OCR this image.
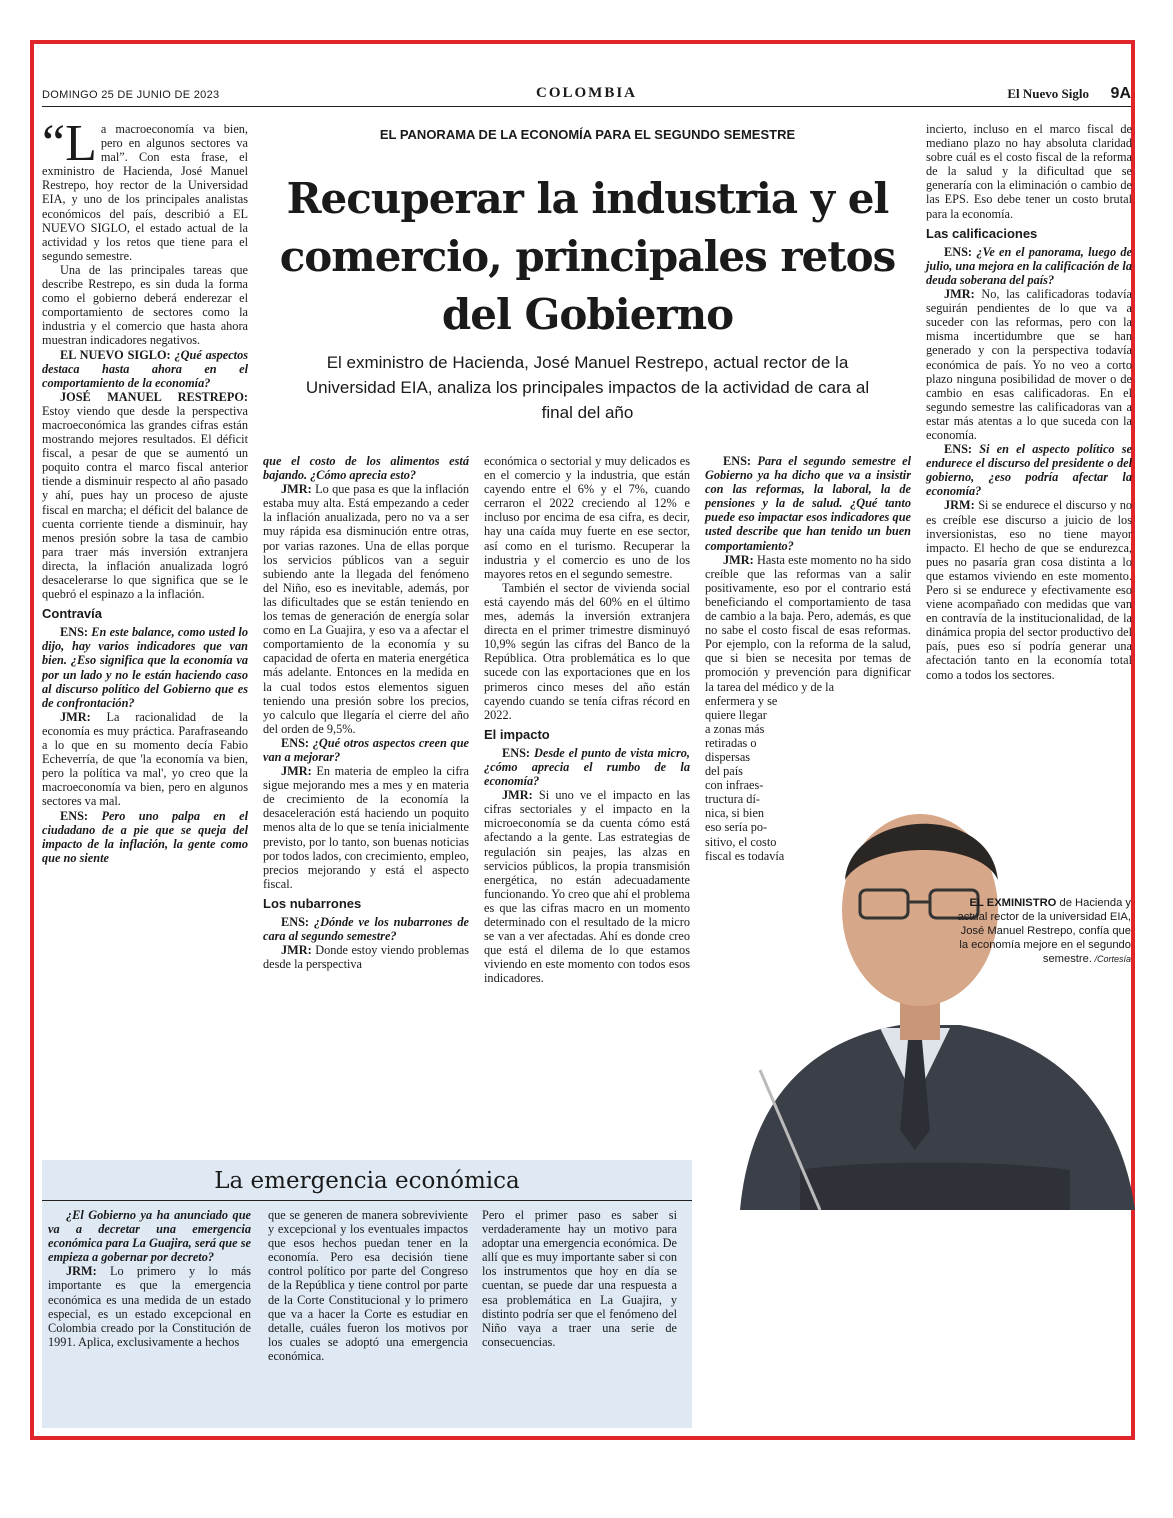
DOMINGO 25 DE JUNIO DE 2023	COLOMBIA	El Nuevo Siglo 9A
EL PANORAMA DE LA ECONOMÍA PARA EL SEGUNDO SEMESTRE
Recuperar la industria y el comercio, principales retos del Gobierno
El exministro de Hacienda, José Manuel Restrepo, actual rector de la Universidad EIA, analiza los principales impactos de la actividad de cara al final del año

“L a macroeconomía va bien, pero en algunos sectores va mal”. Con esta frase, el exministro de Hacienda, José Manuel Restrepo, hoy rector de la Universidad EIA, y uno de los principales analistas económicos del país, describió a EL NUEVO SIGLO, el estado actual de la actividad y los retos que tiene para el segundo semestre.

Una de las principales tareas que describe Restrepo, es sin duda la forma como el gobierno deberá enderezar el comportamiento de sectores como la industria y el comercio que hasta ahora muestran indicadores negativos.

EL NUEVO SIGLO: ¿Qué aspectos destaca hasta ahora en el comportamiento de la economía?

JOSÉ MANUEL RESTREPO: Estoy viendo que desde la perspectiva macroeconómica las grandes cifras están mostrando mejores resultados. El déficit fiscal, a pesar de que se aumentó un poquito contra el marco fiscal anterior tiende a disminuir respecto al año pasado y ahí, pues hay un proceso de ajuste fiscal en marcha; el déficit del balance de cuenta corriente tiende a disminuir, hay menos presión sobre la tasa de cambio para traer más inversión extranjera directa, la inflación anualizada logró desacelerarse lo que significa que se le quebró el espinazo a la inflación.

Contravía

ENS: En este balance, como usted lo dijo, hay varios indicadores que van bien. ¿Eso significa que la economía va por un lado y no le están haciendo caso al discurso político del Gobierno que es de confrontación?

JMR: La racionalidad de la economía es muy práctica. Parafraseando a lo que en su momento decía Fabio Echeverría, de que 'la economía va bien, pero la política va mal', yo creo que la macroeconomía va bien, pero en algunos sectores va mal.

ENS: Pero uno palpa en el ciudadano de a pie que se queja del impacto de la inflación, la gente como que no siente

que el costo de los alimentos está bajando. ¿Cómo aprecia esto?

JMR: Lo que pasa es que la inflación estaba muy alta. Está empezando a ceder la inflación anualizada, pero no va a ser muy rápida esa disminución entre otras, por varias razones. Una de ellas porque los servicios públicos van a seguir subiendo ante la llegada del fenómeno del Niño, eso es inevitable, además, por las dificultades que se están teniendo en los temas de generación de energía solar como en La Guajira, y eso va a afectar el comportamiento de la economía y su capacidad de oferta en materia energética más adelante. Entonces en la medida en la cual todos estos elementos siguen teniendo una presión sobre los precios, yo calculo que llegaría el cierre del año del orden de 9,5%.

ENS: ¿Qué otros aspectos creen que van a mejorar?

JMR: En materia de empleo la cifra sigue mejorando mes a mes y en materia de crecimiento de la economía la desaceleración está haciendo un poquito menos alta de lo que se tenía inicialmente previsto, por lo tanto, son buenas noticias por todos lados, con crecimiento, empleo, precios mejorando y está el aspecto fiscal.

Los nubarrones

ENS: ¿Dónde ve los nubarrones de cara al segundo semestre?

JMR: Donde estoy viendo problemas desde la perspectiva

económica o sectorial y muy delicados es en el comercio y la industria, que están cayendo entre el 6% y el 7%, cuando cerraron el 2022 creciendo al 12% e incluso por encima de esa cifra, es decir, hay una caída muy fuerte en ese sector, así como en el turismo. Recuperar la industria y el comercio es uno de los mayores retos en el segundo semestre.

También el sector de vivienda social está cayendo más del 60% en el último mes, además la inversión extranjera directa en el primer trimestre disminuyó 10,9% según las cifras del Banco de la República. Otra problemática es lo que sucede con las exportaciones que en los primeros cinco meses del año están cayendo cuando se tenía cifras récord en 2022.

El impacto

ENS: Desde el punto de vista micro, ¿cómo aprecia el rumbo de la economía?

JMR: Si uno ve el impacto en las cifras sectoriales y el impacto en la microeconomía se da cuenta cómo está afectando a la gente. Las estrategias de regulación sin peajes, las alzas en servicios públicos, la propia transmisión energética, no están adecuadamente funcionando. Yo creo que ahí el problema es que las cifras macro en un momento determinado con el resultado de la micro se van a ver afectadas. Ahí es donde creo que está el dilema de lo que estamos viviendo en este momento con todos esos indicadores.

ENS: Para el segundo semestre el Gobierno ya ha dicho que va a insistir con las reformas, la laboral, la de pensiones y la de salud. ¿Qué tanto puede eso impactar esos indicadores que usted describe que han tenido un buen comportamiento?

JMR: Hasta este momento no ha sido creíble que las reformas van a salir positivamente, eso por el contrario está beneficiando el comportamiento de tasa de cambio a la baja. Pero, además, es que no sabe el costo fiscal de esas reformas. Por ejemplo, con la reforma de la salud, que si bien se necesita por temas de promoción y prevención para dignificar la tarea del médico y de la

enfermera y se
quiere llegar
a zonas más
retiradas o
dispersas
del país
con infraes-
tructura dí-
nica, si bien
eso sería po-
sitivo, el costo
fiscal es todavía

incierto, incluso en el marco fiscal de mediano plazo no hay absoluta claridad sobre cuál es el costo fiscal de la reforma de la salud y la dificultad que se generaría con la eliminación o cambio de las EPS. Eso debe tener un costo brutal para la economía.

Las calificaciones

ENS: ¿Ve en el panorama, luego de julio, una mejora en la calificación de la deuda soberana del país?

JMR: No, las calificadoras todavía seguirán pendientes de lo que va a suceder con las reformas, pero con la misma incertidumbre que se han generado y con la perspectiva todavía económica de país. Yo no veo a corto plazo ninguna posibilidad de mover o de cambio en esas calificadoras. En el segundo semestre las calificadoras van a estar más atentas a lo que suceda con la economía.

ENS: Si en el aspecto político se endurece el discurso del presidente o del gobierno, ¿eso podría afectar la economía?

JRM: Si se endurece el discurso y no es creíble ese discurso a juicio de los inversionistas, eso no tiene mayor impacto. El hecho de que se endurezca, pues no pasaría gran cosa distinta a lo que estamos viviendo en este momento. Pero si se endurece y efectivamente eso viene acompañado con medidas que van en contravía de la institucionalidad, de la dinámica propia del sector productivo del país, pues eso sí podría generar una afectación tanto en la economía total como a todos los sectores.

EL EXMINISTRO de Hacienda y actual rector de la universidad EIA, José Manuel Restrepo, confía que la economía mejore en el segundo semestre. /Cortesía
La emergencia económica

¿El Gobierno ya ha anunciado que va a decretar una emergencia económica para La Guajira, será que se empieza a gobernar por decreto?

JRM: Lo primero y lo más importante es que la emergencia económica es una medida de un estado especial, es un estado excepcional en Colombia creado por la Constitución de 1991. Aplica, exclusivamente a hechos

que se generen de manera sobreviviente y excepcional y los eventuales impactos que esos hechos puedan tener en la economía. Pero esa decisión tiene control político por parte del Congreso de la República y tiene control por parte de la Corte Constitucional y lo primero que va a hacer la Corte es estudiar en detalle, cuáles fueron los motivos por los cuales se adoptó una emergencia económica.

Pero el primer paso es saber si verdaderamente hay un motivo para adoptar una emergencia económica. De allí que es muy importante saber si con los instrumentos que hoy en día se cuentan, se puede dar una respuesta a esa problemática en La Guajira, y distinto podría ser que el fenómeno del Niño vaya a traer una serie de consecuencias.
